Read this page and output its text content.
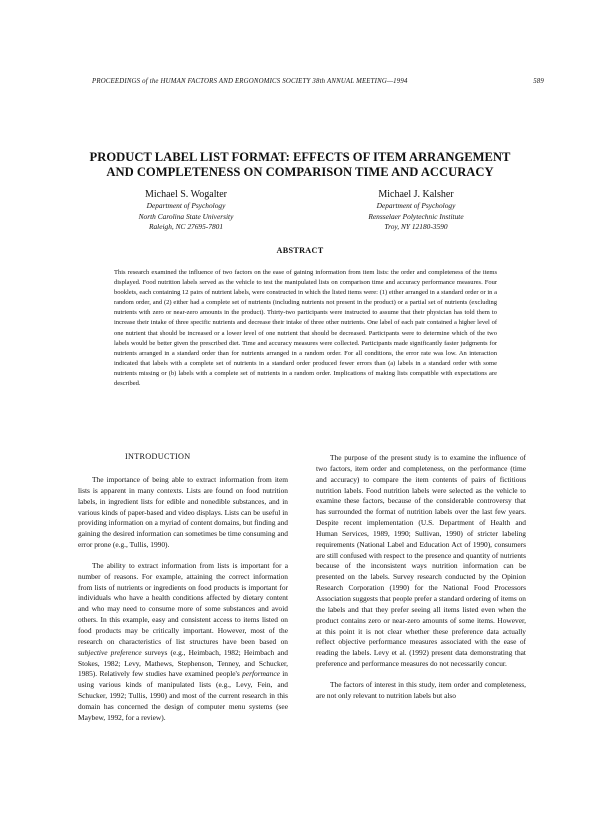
PROCEEDINGS of the HUMAN FACTORS AND ERGONOMICS SOCIETY 38th ANNUAL MEETING—1994	589
PRODUCT LABEL LIST FORMAT: EFFECTS OF ITEM ARRANGEMENT
AND COMPLETENESS ON COMPARISON TIME AND ACCURACY
Michael S. Wogalter
Department of Psychology
North Carolina State University
Raleigh, NC 27695-7801
Michael J. Kalsher
Department of Psychology
Rensselaer Polytechnic Institute
Troy, NY 12180-3590
ABSTRACT
This research examined the influence of two factors on the ease of gaining information from item lists: the order and completeness of the items displayed. Food nutrition labels served as the vehicle to test the manipulated lists on comparison time and accuracy performance measures. Four booklets, each containing 12 pairs of nutrient labels, were constructed in which the listed items were: (1) either arranged in a standard order or in a random order, and (2) either had a complete set of nutrients (including nutrients not present in the product) or a partial set of nutrients (excluding nutrients with zero or near-zero amounts in the product). Thirty-two participants were instructed to assume that their physician has told them to increase their intake of three specific nutrients and decrease their intake of three other nutrients. One label of each pair contained a higher level of one nutrient that should be increased or a lower level of one nutrient that should be decreased. Participants were to determine which of the two labels would be better given the prescribed diet. Time and accuracy measures were collected. Participants made significantly faster judgments for nutrients arranged in a standard order than for nutrients arranged in a random order. For all conditions, the error rate was low. An interaction indicated that labels with a complete set of nutrients in a standard order produced fewer errors than (a) labels in a standard order with some nutrients missing or (b) labels with a complete set of nutrients in a random order. Implications of making lists compatible with expectations are described.
INTRODUCTION

The importance of being able to extract information from item lists is apparent in many contexts. Lists are found on food nutrition labels, in ingredient lists for edible and nonedible substances, and in various kinds of paper-based and video displays. Lists can be useful in providing information on a myriad of content domains, but finding and gaining the desired information can sometimes be time consuming and error prone (e.g., Tullis, 1990).

The ability to extract information from lists is important for a number of reasons. For example, attaining the correct information from lists of nutrients or ingredients on food products is important for individuals who have a health conditions affected by dietary content and who may need to consume more of some substances and avoid others. In this example, easy and consistent access to items listed on food products may be critically important. However, most of the research on characteristics of list structures have been based on subjective preference surveys (e.g., Heimbach, 1982; Heimbach and Stokes, 1982; Levy, Mathews, Stephenson, Tenney, and Schucker, 1985). Relatively few studies have examined people's performance in using various kinds of manipulated lists (e.g., Levy, Fein, and Schucker, 1992; Tullis, 1990) and most of the current research in this domain has concerned the design of computer menu systems (see Maybew, 1992, for a review).

The purpose of the present study is to examine the influence of two factors, item order and completeness, on the performance (time and accuracy) to compare the item contents of pairs of fictitious nutrition labels. Food nutrition labels were selected as the vehicle to examine these factors, because of the considerable controversy that has surrounded the format of nutrition labels over the last few years. Despite recent implementation (U.S. Department of Health and Human Services, 1989, 1990; Sullivan, 1990) of stricter labeling requirements (National Label and Education Act of 1990), consumers are still confused with respect to the presence and quantity of nutrients because of the inconsistent ways nutrition information can be presented on the labels. Survey research conducted by the Opinion Research Corporation (1990) for the National Food Processors Association suggests that people prefer a standard ordering of items on the labels and that they prefer seeing all items listed even when the product contains zero or near-zero amounts of some items. However, at this point it is not clear whether these preference data actually reflect objective performance measures associated with the ease of reading the labels. Levy et al. (1992) present data demonstrating that preference and performance measures do not necessarily concur.

The factors of interest in this study, item order and completeness, are not only relevant to nutrition labels but also
